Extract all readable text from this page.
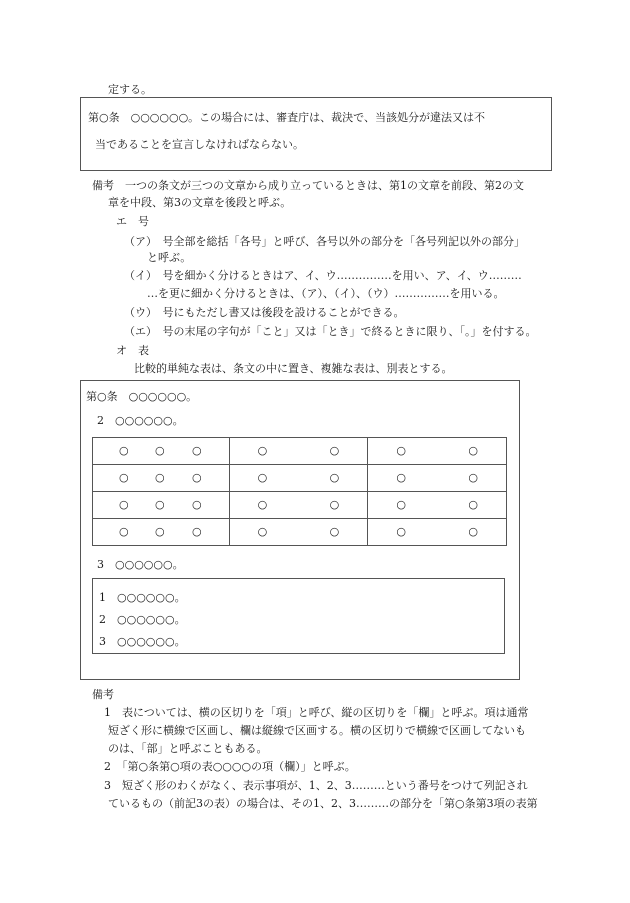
定する。
第○条　○○○○○○。この場合には、審査庁は、裁決で、当該処分が違法又は不
当であることを宣言しなければならない。
備考　一つの条文が三つの文章から成り立っているときは、第1の文章を前段、第2の文
章を中段、第3の文章を後段と呼ぶ。
エ　号
（ア）　号全部を総括「各号」と呼び、各号以外の部分を「各号列記以外の部分」
と呼ぶ。
（イ）　号を細かく分けるときはア、イ、ウ……………を用い、ア、イ、ウ………
…を更に細かく分けるときは、（ア）、（イ）、（ウ）……………を用いる。
（ウ）　号にもただし書又は後段を設けることができる。
（エ）　号の末尾の字句が「こと」又は「とき」で終るときに限り、「。」を付する。
オ　表
比較的単純な表は、条文の中に置き、複雑な表は、別表とする。
第○条　○○○○○○。
2　○○○○○○。
○ ○ ○	○ ○	○ ○

○ ○ ○	○ ○	○ ○

○ ○ ○	○ ○	○ ○

○ ○ ○	○ ○	○ ○
3　○○○○○○。
1　○○○○○○。
2　○○○○○○。
3　○○○○○○。
備考
1　表については、横の区切りを「項」と呼び、縦の区切りを「欄」と呼ぶ。項は通常
短ざく形に横線で区画し、欄は縦線で区画する。横の区切りで横線で区画してないも
のは、「部」と呼ぶこともある。
2　「第○条第○項の表○○○○の項（欄）」と呼ぶ。
3　短ざく形のわくがなく、表示事項が、1、2、3………という番号をつけて列記され
ているもの（前記3の表）の場合は、その1、2、3………の部分を「第○条第3項の表第
